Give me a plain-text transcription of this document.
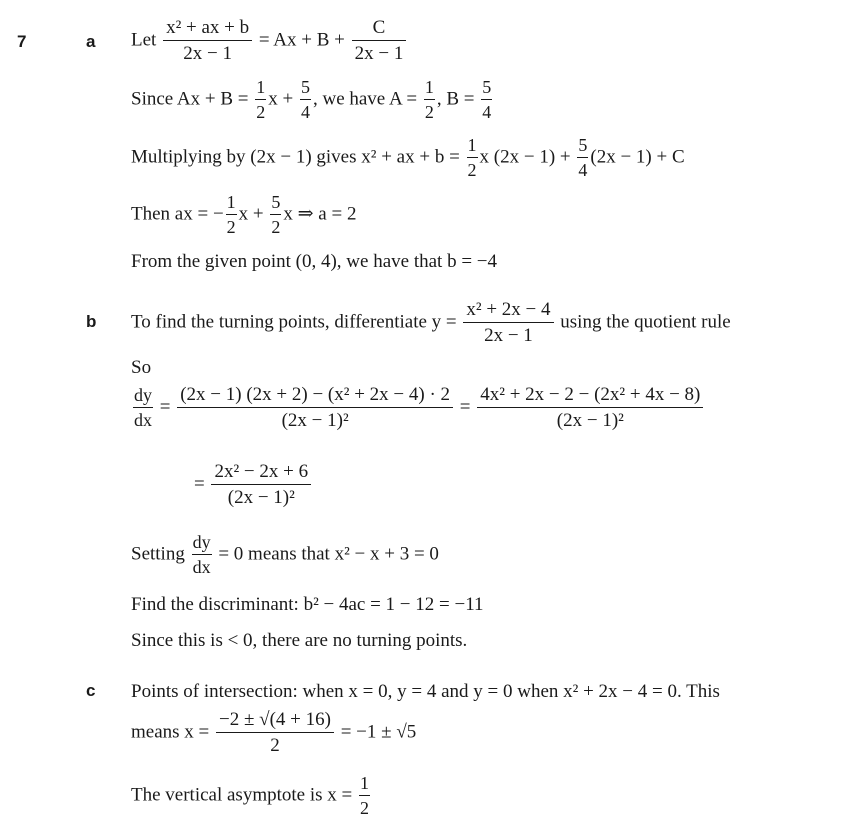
7	a
b
c
Let $\frac{\text{x² + ax + b}}{2x - 1} = Ax + B + \frac{C}{2x - 1}$
Since $Ax + B = \frac{1}{2}$ $x + \frac{5}{4}$ , we have $A = \frac{1}{2}$ , $B = \frac{5}{4}$
Multiplying by (2x − 1) gives x² + ax + $b = \frac{1}{2}$ x $(2x - 1) + \frac{5}{4} (2x - 1) + C$
Then ax = − $\frac{1}{2}$ $x + \frac{5}{2}$ x ⇒ a = 2
From the given point (0, 4), we have that b = −4
To find the turning points, differentiate $y = \frac{\text{x² + 2x − 4}}{2x - 1}$ using the quotient rule
So
$\frac{dy}{dx} = \frac{\text{(2x − 1) (2x + 2) − (x² + 2x − 4) · 2}}{\text{(2x − 1)²}} = \frac{\text{4x² + 2x − 2 − (2x² + 4x − 8)}}{\text{(2x − 1)²}}$
= $\frac{\text{2x² − 2x + 6}}{\text{(2x − 1)²}}$
Setting $\frac{dy}{dx} = 0$ means that x² − x + 3 = 0
Find the discriminant: b² − 4ac = 1 − 12 = −11
Since this is < 0, there are no turning points.
Points of intersection: when x = 0, y = 4 and y = 0 when x² + 2x − 4 = 0. This
means $x = \frac{-2 \pm √(4 + 16)}{2} = -1 \pm √5$
The vertical asymptote is $x = \frac{1}{2}$
